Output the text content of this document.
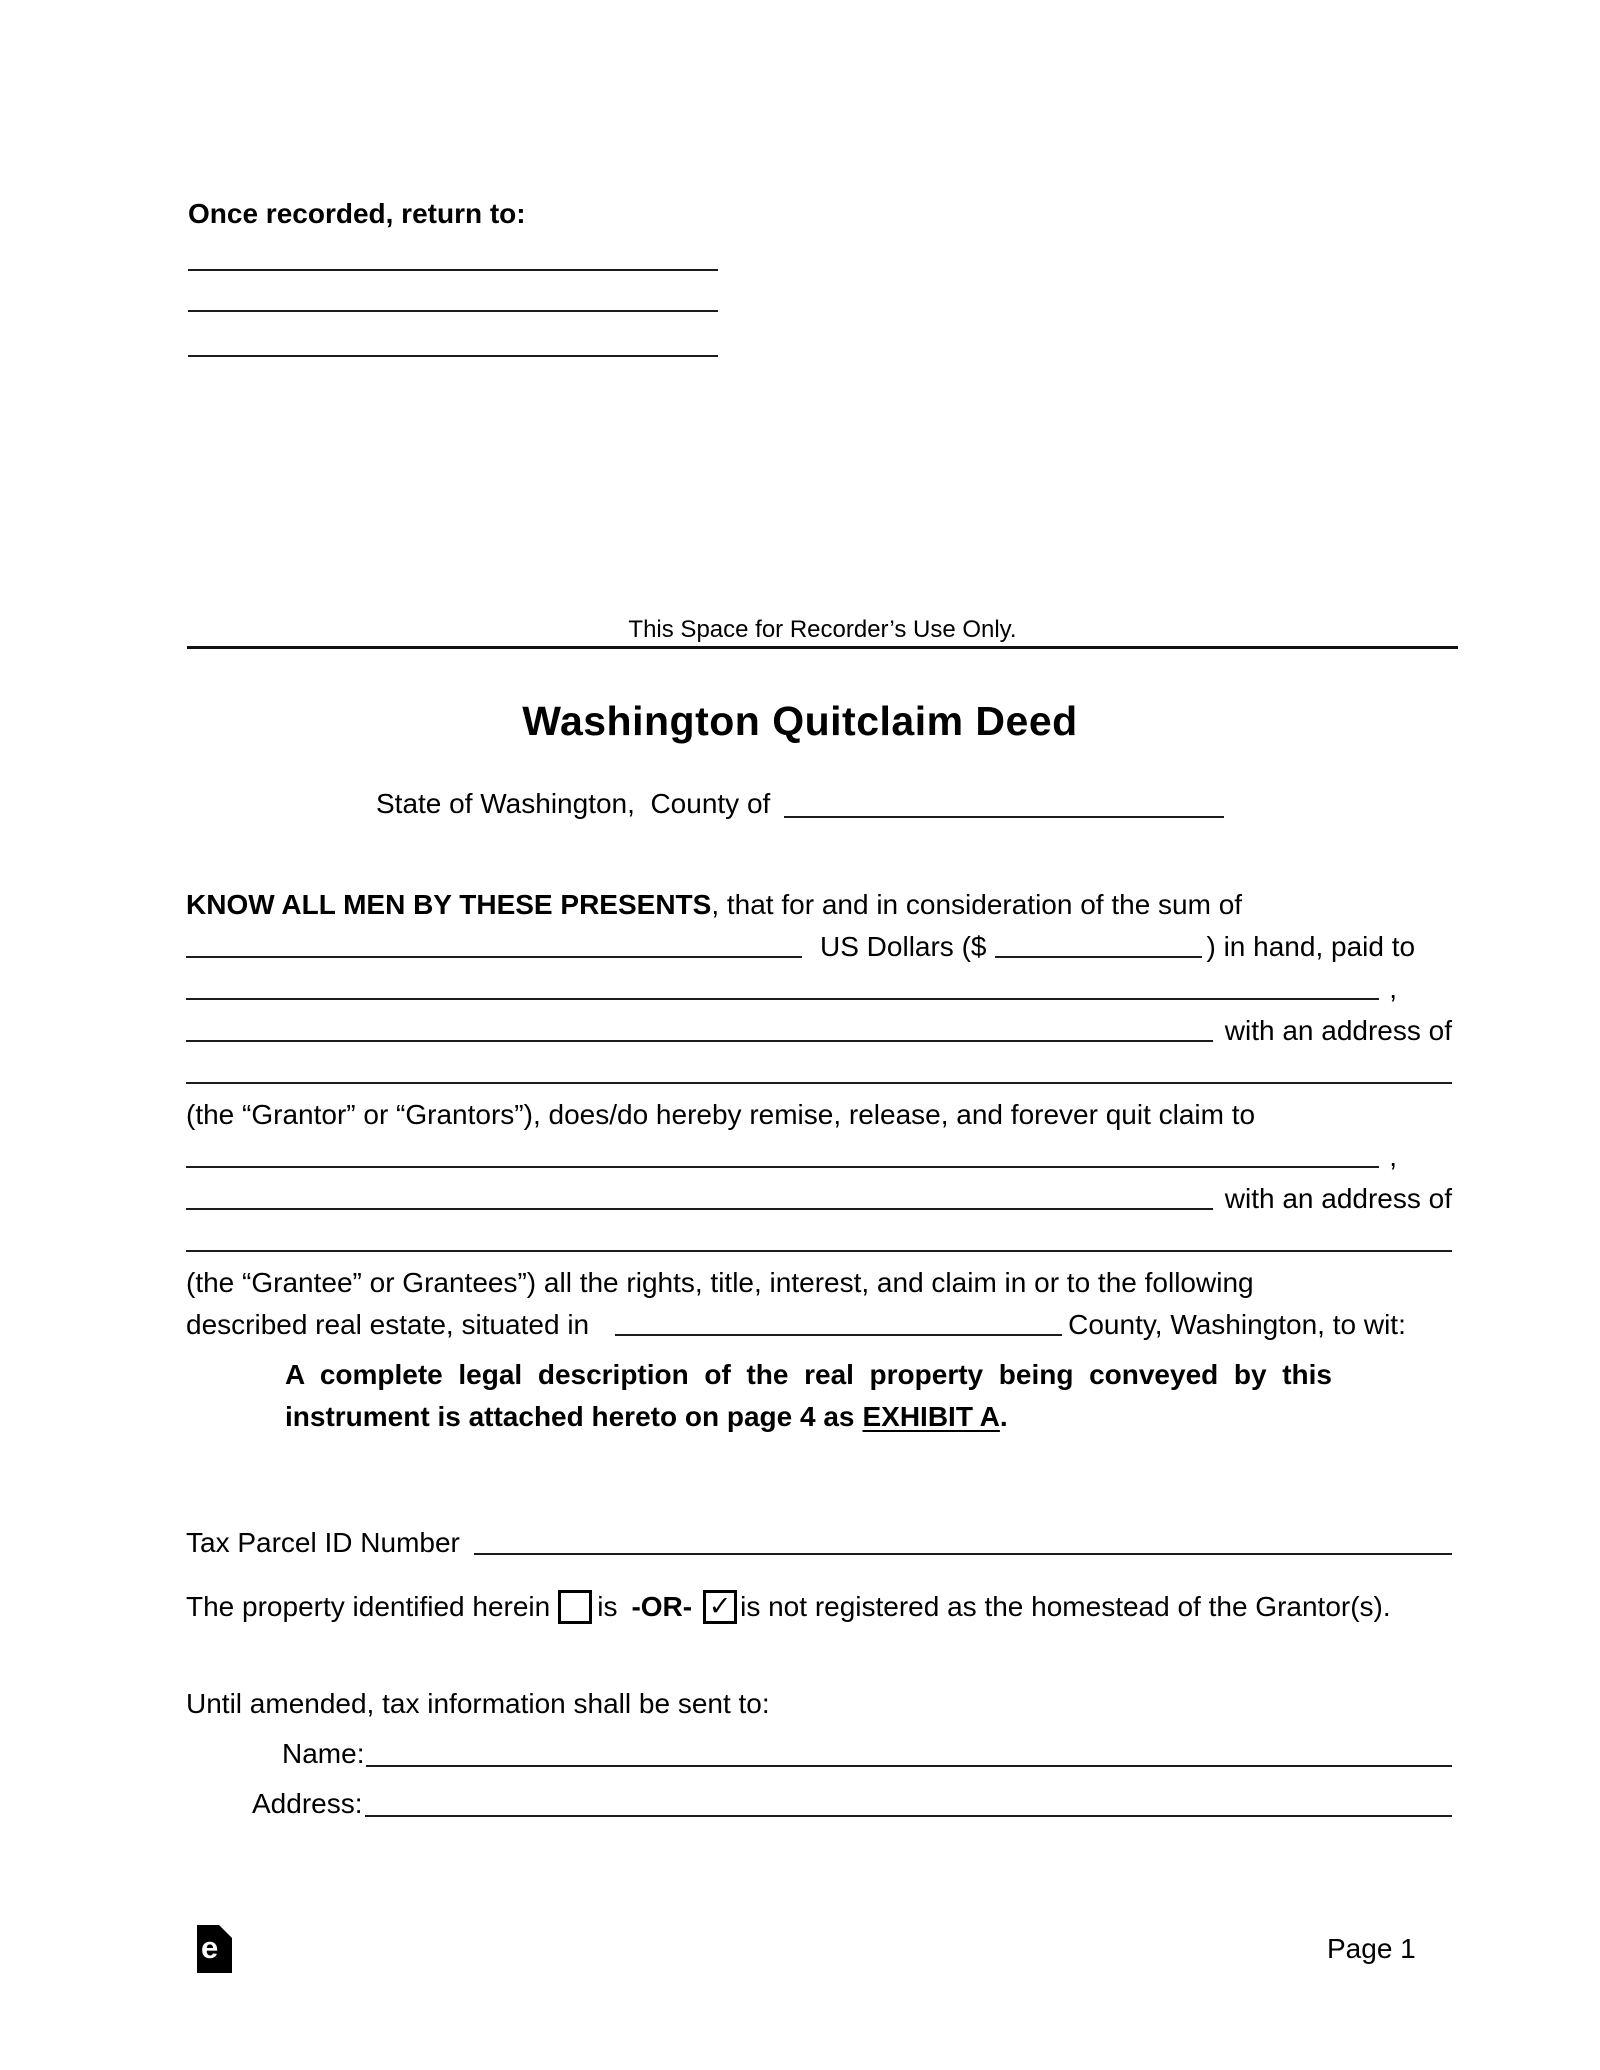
Once recorded, return to:
This Space for Recorder’s Use Only.
Washington Quitclaim Deed
State of Washington,  County of
KNOW ALL MEN BY THESE PRESENTS , that for and in consideration of the sum of
US Dollars ($	) in hand, paid to
,
with an address of
(the “Grantor” or “Grantors”), does/do hereby remise, release, and forever quit claim to
,
with an address of
(the “Grantee” or Grantees”) all the rights, title, interest, and claim in or to the following
described real estate, situated in	County, Washington, to wit:
A complete legal description of the real property being conveyed by this
instrument is attached hereto on page 4 as EXHIBIT A.
Tax Parcel ID Number
The property identified herein is -OR- ✓ is not registered as the homestead of the Grantor(s).
Until amended, tax information shall be sent to:
Name:
Address:
e	Page 1
